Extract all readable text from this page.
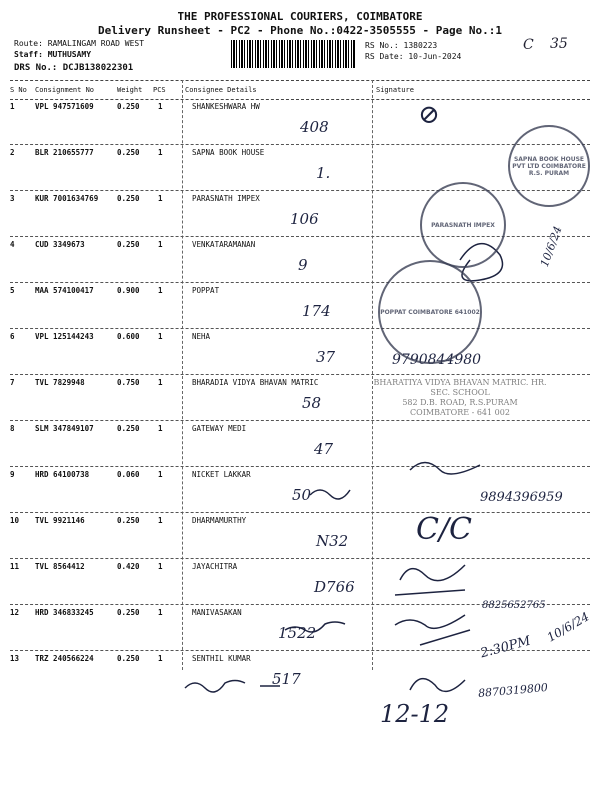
THE PROFESSIONAL COURIERS, COIMBATORE
Delivery Runsheet - PC2 - Phone No.:0422-3505555 - Page No.:1
Route: RAMALINGAM ROAD WEST
Staff: MUTHUSAMY
DRS No.: DCJB138022301
RS No.: 1380223
RS Date: 10-Jun-2024
C 35
S No Consignment No	Weight PCS	Consignee Details	Signature
1	VPL 947571609	0.250 1	SHANKESHWARA HW
408
2	BLR 210655777	0.250 1	SAPNA BOOK HOUSE
1.
3	KUR 7001634769	0.250 1	PARASNATH IMPEX
106
4	CUD 3349673	0.250 1	VENKATARAMANAN
9
5	MAA 574100417	0.900 1	POPPAT
174
6	VPL 125144243	0.600 1	NEHA
37
7	TVL 7829948	0.750 1	BHARADIA VIDYA BHAVAN MATRIC
58
8	SLM 347849107	0.250 1	GATEWAY MEDI
47
9	HRD 64100738	0.060 1	NICKET LAKKAR
50
10 TVL 9921146	0.250 1	DHARMAMURTHY
N32
11 TVL 8564412	0.420 1	JAYACHITRA
D766
12 HRD 346833245	0.250 1	MANIVASAKAN
1522
13 TRZ 240566224	0.250 1	SENTHIL KUMAR
517
⊘
9790844980
9894396959
C/C
10/6/24
8825652765
2:30PM
10/6/24
8870319800
12-12
SAPNA BOOK HOUSE PVT LTD COIMBATORE R.S. PURAM
PARASNATH IMPEX
POPPAT COIMBATORE 641002
BHARATIYA VIDYA BHAVAN MATRIC. HR. SEC. SCHOOL
582 D.B. ROAD, R.S.PURAM
COIMBATORE - 641 002
